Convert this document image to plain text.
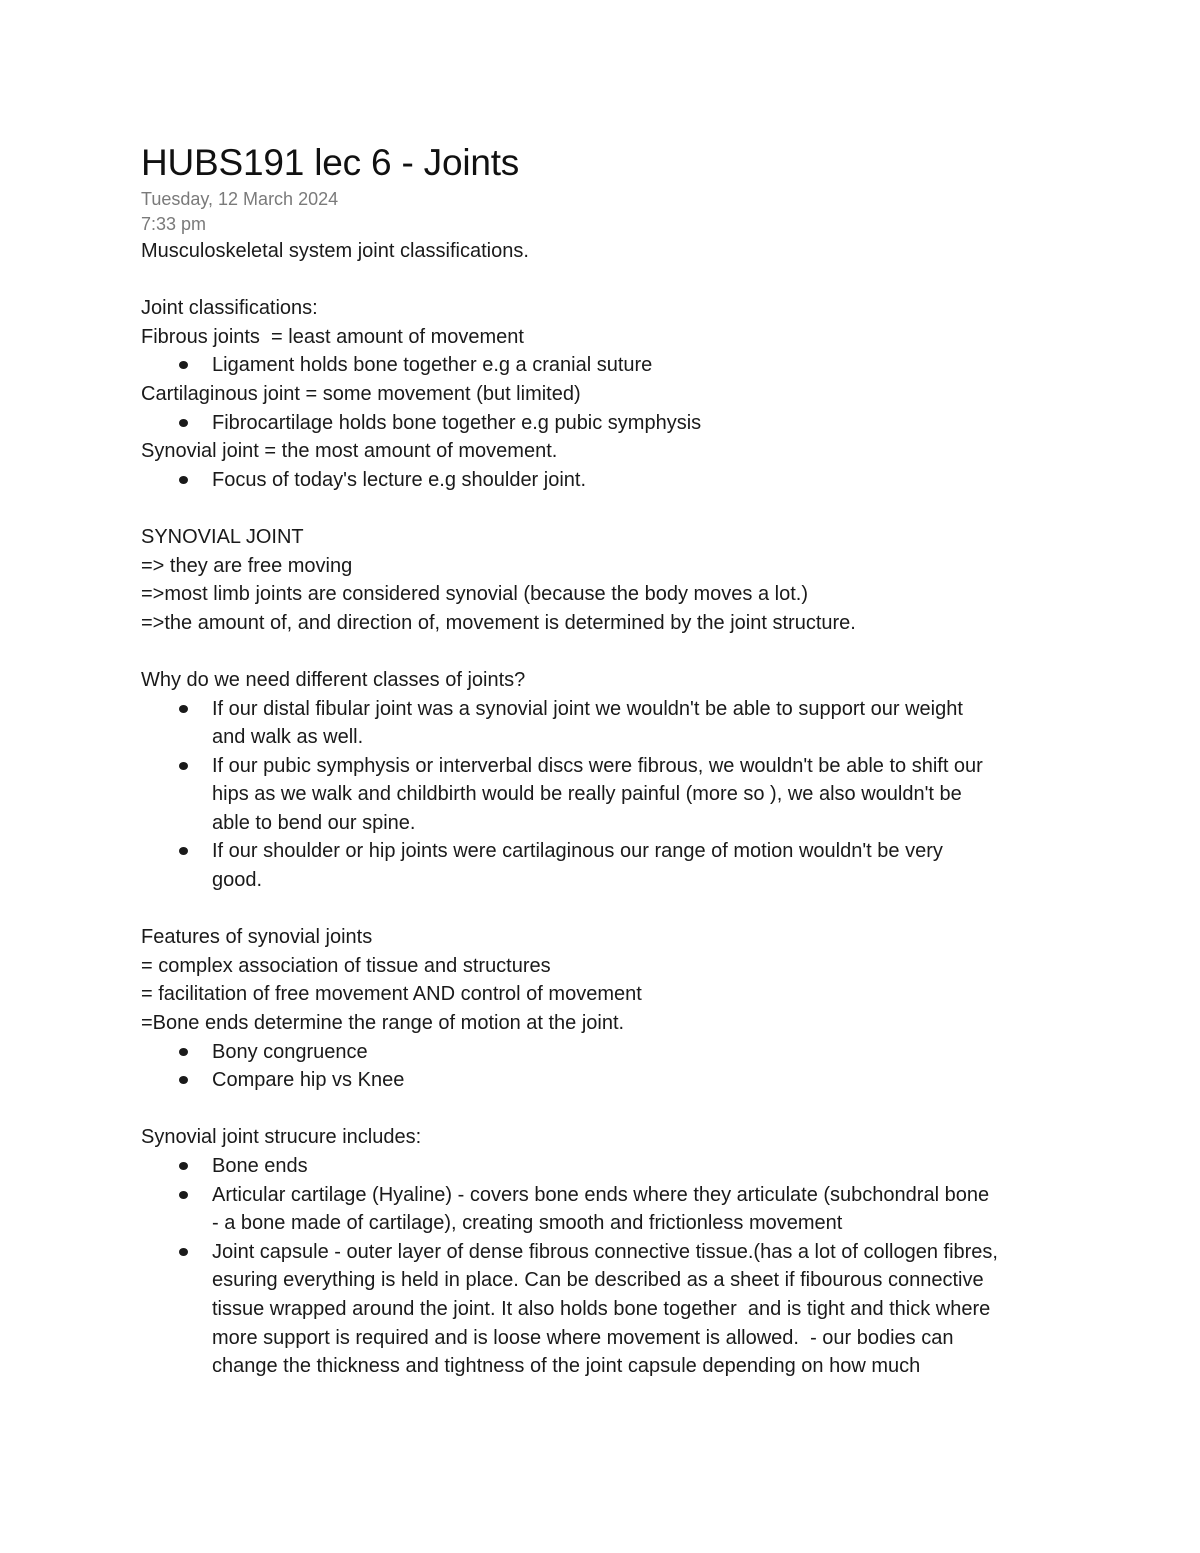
HUBS191 lec 6 - Joints
Tuesday, 12 March 2024
7:33 pm
Musculoskeletal system joint classifications.
Joint classifications:
Fibrous joints  = least amount of movement
Ligament holds bone together e.g a cranial suture
Cartilaginous joint = some movement (but limited)
Fibrocartilage holds bone together e.g pubic symphysis
Synovial joint = the most amount of movement.
Focus of today's lecture e.g shoulder joint.
SYNOVIAL JOINT
=> they are free moving
=>most limb joints are considered synovial (because the body moves a lot.)
=>the amount of, and direction of, movement is determined by the joint structure.
Why do we need different classes of joints?
If our distal fibular joint was a synovial joint we wouldn't be able to support our weight
and walk as well.
If our pubic symphysis or interverbal discs were fibrous, we wouldn't be able to shift our
hips as we walk and childbirth would be really painful (more so ), we also wouldn't be
able to bend our spine.
If our shoulder or hip joints were cartilaginous our range of motion wouldn't be very
good.
Features of synovial joints
= complex association of tissue and structures
= facilitation of free movement AND control of movement
=Bone ends determine the range of motion at the joint.
Bony congruence
Compare hip vs Knee
Synovial joint strucure includes:
Bone ends
Articular cartilage (Hyaline) - covers bone ends where they articulate (subchondral bone
- a bone made of cartilage), creating smooth and frictionless movement
Joint capsule - outer layer of dense fibrous connective tissue.(has a lot of collogen fibres,
esuring everything is held in place. Can be described as a sheet if fibourous connective
tissue wrapped around the joint. It also holds bone together  and is tight and thick where
more support is required and is loose where movement is allowed.  - our bodies can
change the thickness and tightness of the joint capsule depending on how much
